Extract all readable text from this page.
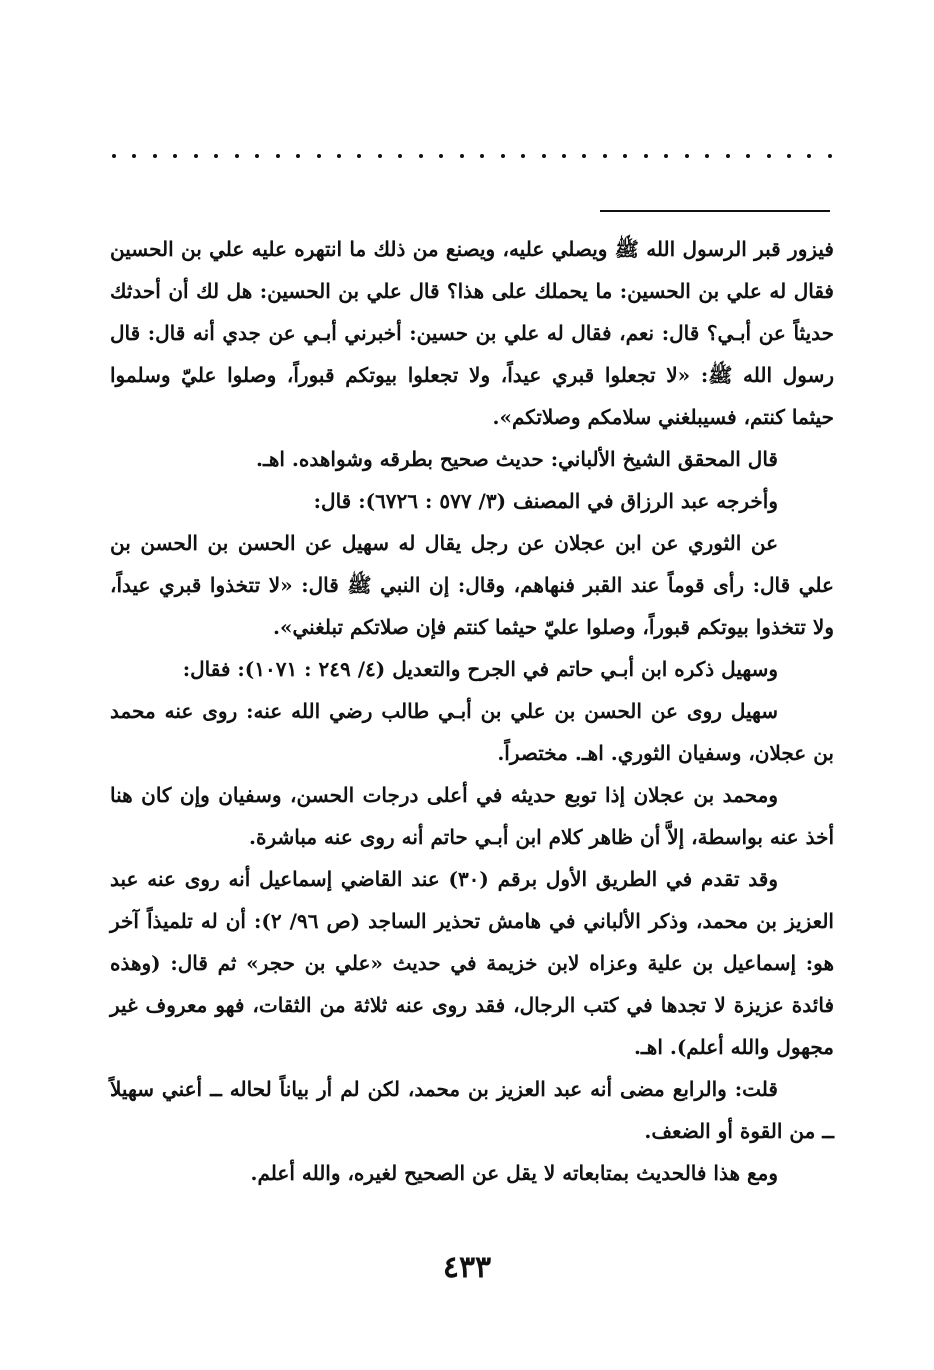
فيزور قبر الرسول الله ﷺ ويصلي عليه، ويصنع من ذلك ما انتهره عليه علي بن الحسين فقال له علي بن الحسين: ما يحملك على هذا؟ قال علي بن الحسين: هل لك أن أحدثك حديثاً عن أبـي؟ قال: نعم، فقال له علي بن حسين: أخبرني أبـي عن جدي أنه قال: قال رسول الله ﷺ: «لا تجعلوا قبري عيداً، ولا تجعلوا بيوتكم قبوراً، وصلوا عليّ وسلموا حيثما كنتم، فسيبلغني سلامكم وصلاتكم».

قال المحقق الشيخ الألباني: حديث صحيح بطرقه وشواهده. اهـ.

وأخرجه عبد الرزاق في المصنف (٣/ ٥٧٧ : ٦٧٢٦): قال:

عن الثوري عن ابن عجلان عن رجل يقال له سهيل عن الحسن بن الحسن بن علي قال: رأى قوماً عند القبر فنهاهم، وقال: إن النبي ﷺ قال: «لا تتخذوا قبري عيداً، ولا تتخذوا بيوتكم قبوراً، وصلوا عليّ حيثما كنتم فإن صلاتكم تبلغني».

وسهيل ذكره ابن أبـي حاتم في الجرح والتعديل (٤/ ٢٤٩ : ١٠٧١): فقال:

سهيل روى عن الحسن بن علي بن أبـي طالب رضي الله عنه: روى عنه محمد بن عجلان، وسفيان الثوري. اهـ. مختصراً.

ومحمد بن عجلان إذا توبع حديثه في أعلى درجات الحسن، وسفيان وإن كان هنا أخذ عنه بواسطة، إلاَّ أن ظاهر كلام ابن أبـي حاتم أنه روى عنه مباشرة.

وقد تقدم في الطريق الأول برقم (٣٠) عند القاضي إسماعيل أنه روى عنه عبد العزيز بن محمد، وذكر الألباني في هامش تحذير الساجد (ص ٩٦/ ٢): أن له تلميذاً آخر هو: إسماعيل بن علية وعزاه لابن خزيمة في حديث «علي بن حجر» ثم قال: (وهذه فائدة عزيزة لا تجدها في كتب الرجال، فقد روى عنه ثلاثة من الثقات، فهو معروف غير مجهول والله أعلم). اهـ.

قلت: والرابع مضى أنه عبد العزيز بن محمد، لكن لم أر بياناً لحاله ــ أعني سهيلاً ــ من القوة أو الضعف.

ومع هذا فالحديث بمتابعاته لا يقل عن الصحيح لغيره، والله أعلم.

٤٣٣
